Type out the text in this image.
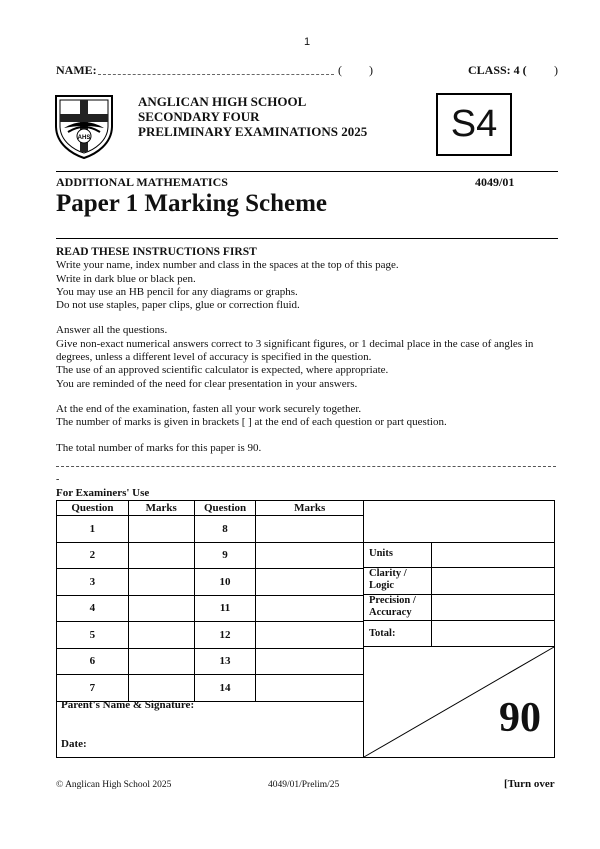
1
NAME:	( )	CLASS: 4 ( )
AHS
ANGLICAN HIGH SCHOOL
SECONDARY FOUR
PRELIMINARY EXAMINATIONS 2025	S4
ADDITIONAL MATHEMATICS	4049/01
Paper 1 Marking Scheme
READ THESE INSTRUCTIONS FIRST
Write your name, index number and class in the spaces at the top of this page.
Write in dark blue or black pen.
You may use an HB pencil for any diagrams or graphs.
Do not use staples, paper clips, glue or correction fluid.
Answer all the questions.
Give non-exact numerical answers correct to 3 significant figures, or 1 decimal place in the case of angles in degrees, unless a different level of accuracy is specified in the question.
The use of an approved scientific calculator is expected, where appropriate.
You are reminded of the need for clear presentation in your answers.
At the end of the examination, fasten all your work securely together.
The number of marks is given in brackets [ ] at the end of each question or part question.
The total number of marks for this paper is 90.
-
For Examiners' Use
Question	Marks	Question	Marks
1		8	
2		9	
3		10	
4		11	
5		12	
6		13	
7		14	
Parent's Name & Signature:
Date:
Units
Clarity / Logic
Precision / Accuracy
Total:
90
© Anglican High School 2025	4049/01/Prelim/25	[Turn over
